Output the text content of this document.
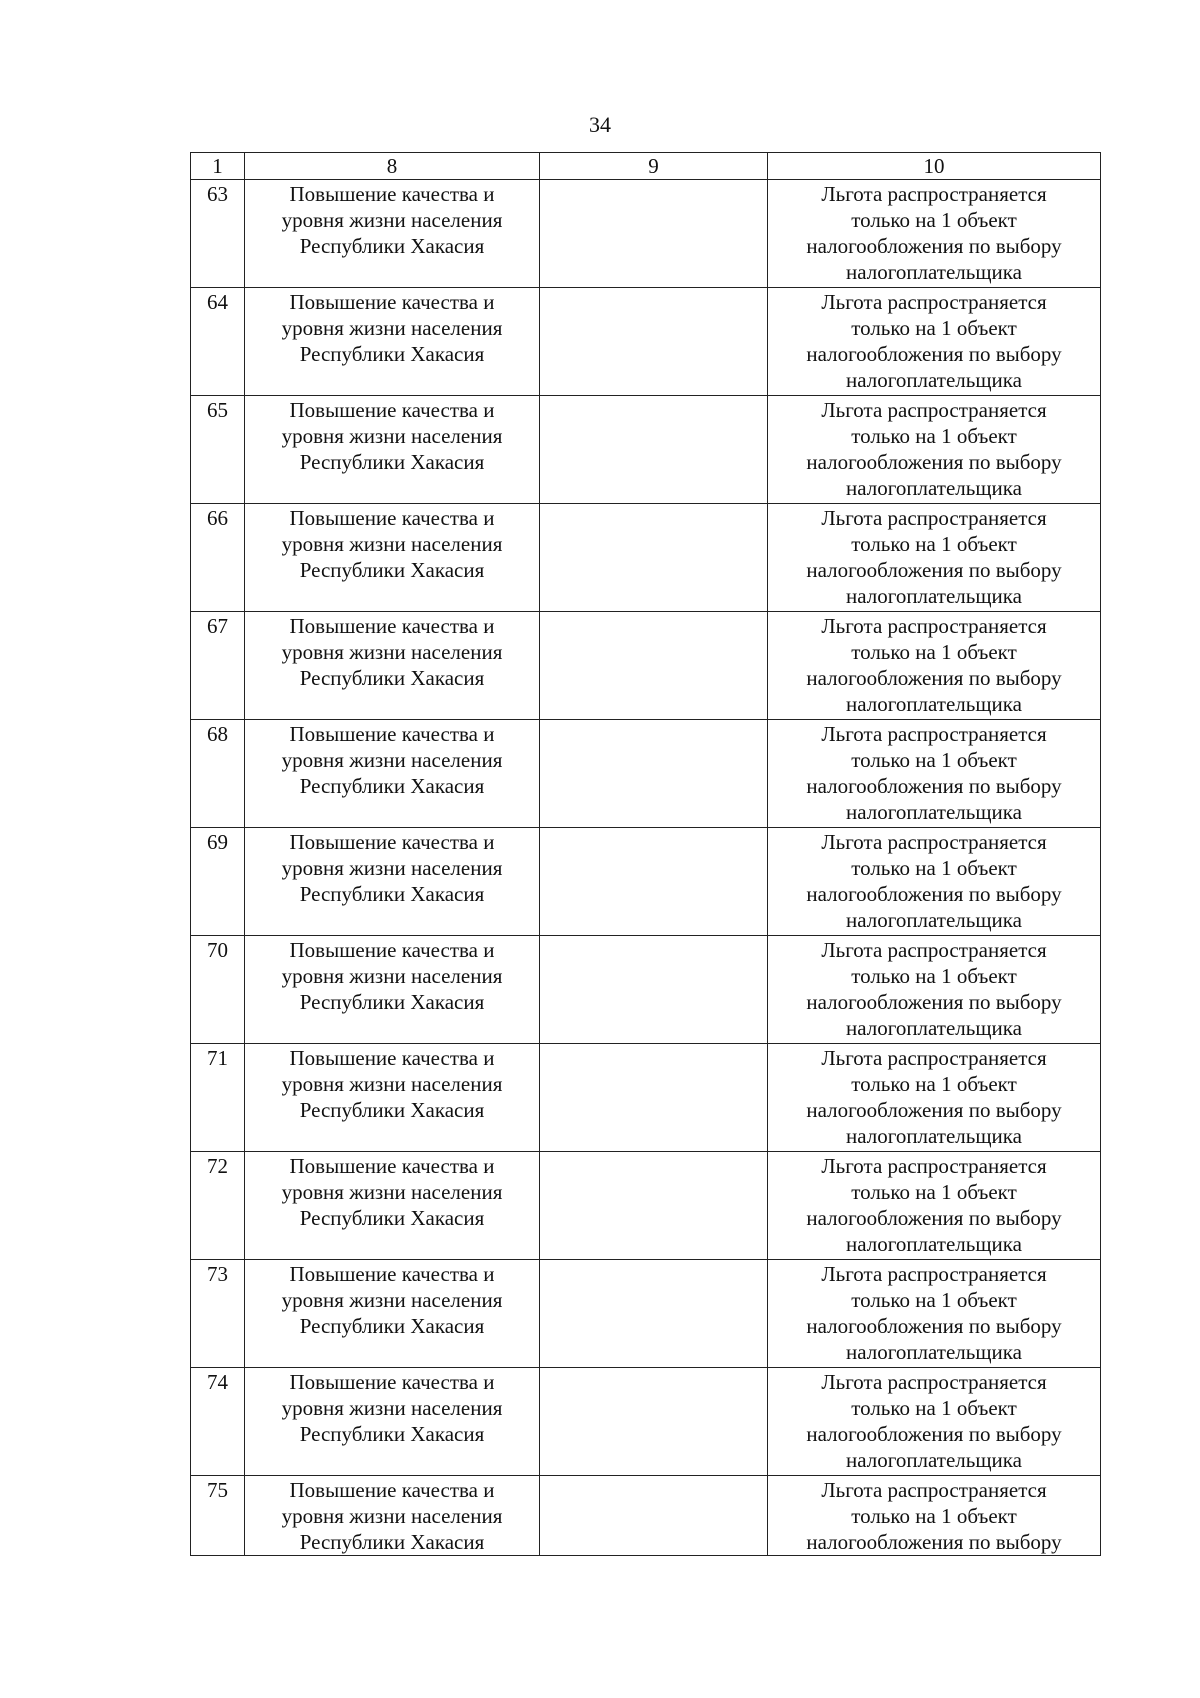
34
1	8	9	10
63	Повышение качества и
уровня жизни населения
Республики Хакасия		Льгота распространяется
только на 1 объект
налогообложения по выбору
налогоплательщика
64	Повышение качества и
уровня жизни населения
Республики Хакасия		Льгота распространяется
только на 1 объект
налогообложения по выбору
налогоплательщика
65	Повышение качества и
уровня жизни населения
Республики Хакасия		Льгота распространяется
только на 1 объект
налогообложения по выбору
налогоплательщика
66	Повышение качества и
уровня жизни населения
Республики Хакасия		Льгота распространяется
только на 1 объект
налогообложения по выбору
налогоплательщика
67	Повышение качества и
уровня жизни населения
Республики Хакасия		Льгота распространяется
только на 1 объект
налогообложения по выбору
налогоплательщика
68	Повышение качества и
уровня жизни населения
Республики Хакасия		Льгота распространяется
только на 1 объект
налогообложения по выбору
налогоплательщика
69	Повышение качества и
уровня жизни населения
Республики Хакасия		Льгота распространяется
только на 1 объект
налогообложения по выбору
налогоплательщика
70	Повышение качества и
уровня жизни населения
Республики Хакасия		Льгота распространяется
только на 1 объект
налогообложения по выбору
налогоплательщика
71	Повышение качества и
уровня жизни населения
Республики Хакасия		Льгота распространяется
только на 1 объект
налогообложения по выбору
налогоплательщика
72	Повышение качества и
уровня жизни населения
Республики Хакасия		Льгота распространяется
только на 1 объект
налогообложения по выбору
налогоплательщика
73	Повышение качества и
уровня жизни населения
Республики Хакасия		Льгота распространяется
только на 1 объект
налогообложения по выбору
налогоплательщика
74	Повышение качества и
уровня жизни населения
Республики Хакасия		Льгота распространяется
только на 1 объект
налогообложения по выбору
налогоплательщика
75	Повышение качества и
уровня жизни населения
Республики Хакасия		Льгота распространяется
только на 1 объект
налогообложения по выбору
